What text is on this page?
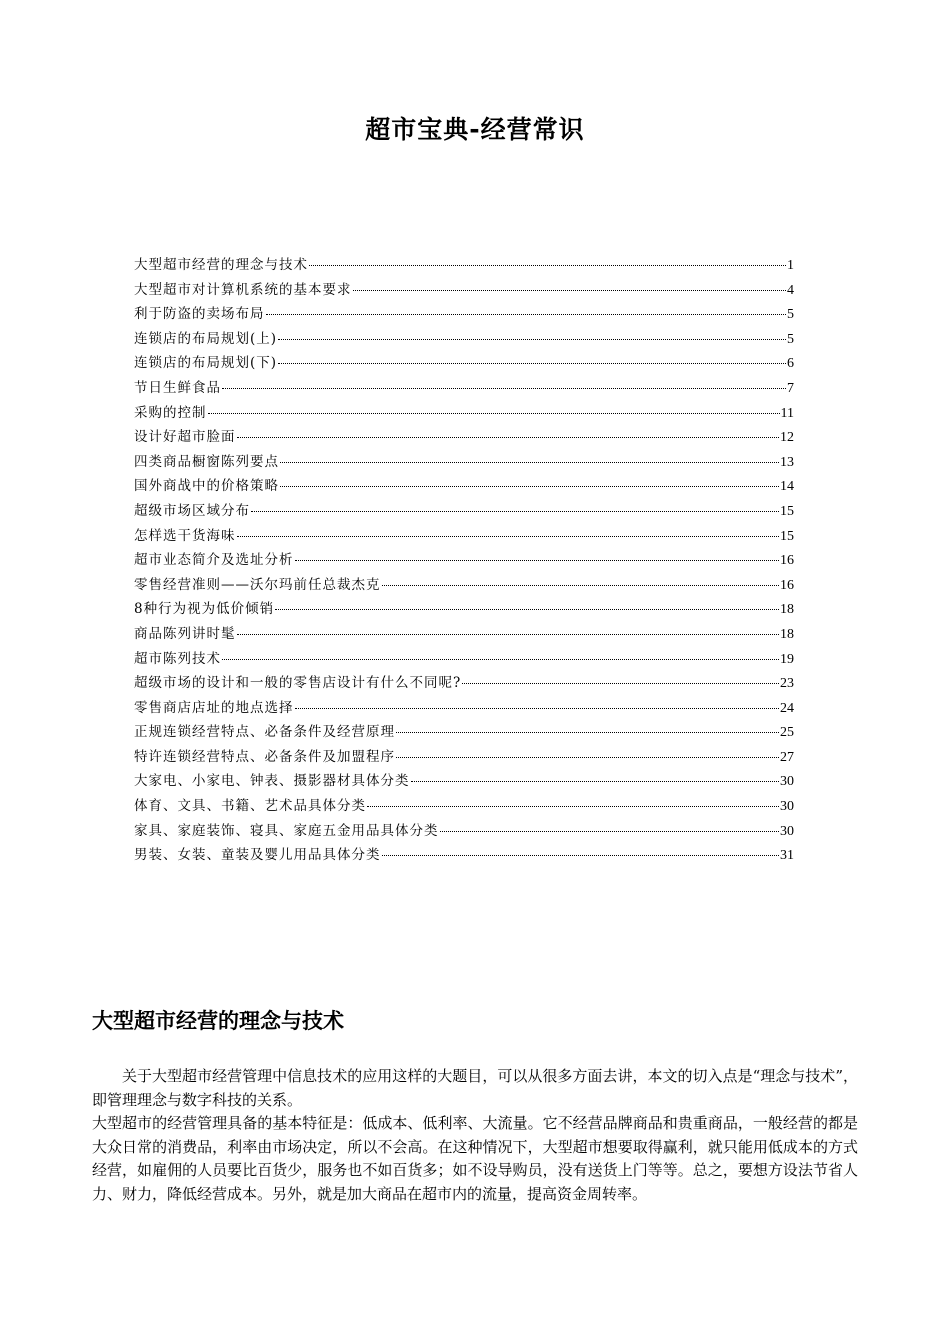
超市宝典-经营常识
大型超市经营的理念与技术	1
大型超市对计算机系统的基本要求	4
利于防盗的卖场布局	5
连锁店的布局规划(上)	5
连锁店的布局规划(下)	6
节日生鲜食品	7
采购的控制	11
设计好超市脸面	12
四类商品橱窗陈列要点	13
国外商战中的价格策略	14
超级市场区域分布	15
怎样选干货海味	15
超市业态简介及选址分析	16
零售经营准则——沃尔玛前任总裁杰克	16
8种行为视为低价倾销	18
商品陈列讲时髦	18
超市陈列技术	19
超级市场的设计和一般的零售店设计有什么不同呢?	23
零售商店店址的地点选择	24
正规连锁经营特点、必备条件及经营原理	25
特许连锁经营特点、必备条件及加盟程序	27
大家电、小家电、钟表、摄影器材具体分类	30
体育、文具、书籍、艺术品具体分类	30
家具、家庭装饰、寝具、家庭五金用品具体分类	30
男装、女装、童装及婴儿用品具体分类	31
大型超市经营的理念与技术

关于大型超市经营管理中信息技术的应用这样的大题目，可以从很多方面去讲，本文的切入点是“理念与技术”，即管理理念与数字科技的关系。

大型超市的经营管理具备的基本特征是：低成本、低利率、大流量。它不经营品牌商品和贵重商品，一般经营的都是大众日常的消费品，利率由市场决定，所以不会高。在这种情况下，大型超市想要取得赢利，就只能用低成本的方式经营，如雇佣的人员要比百货少，服务也不如百货多；如不设导购员，没有送货上门等等。总之，要想方设法节省人力、财力，降低经营成本。另外，就是加大商品在超市内的流量，提高资金周转率。
